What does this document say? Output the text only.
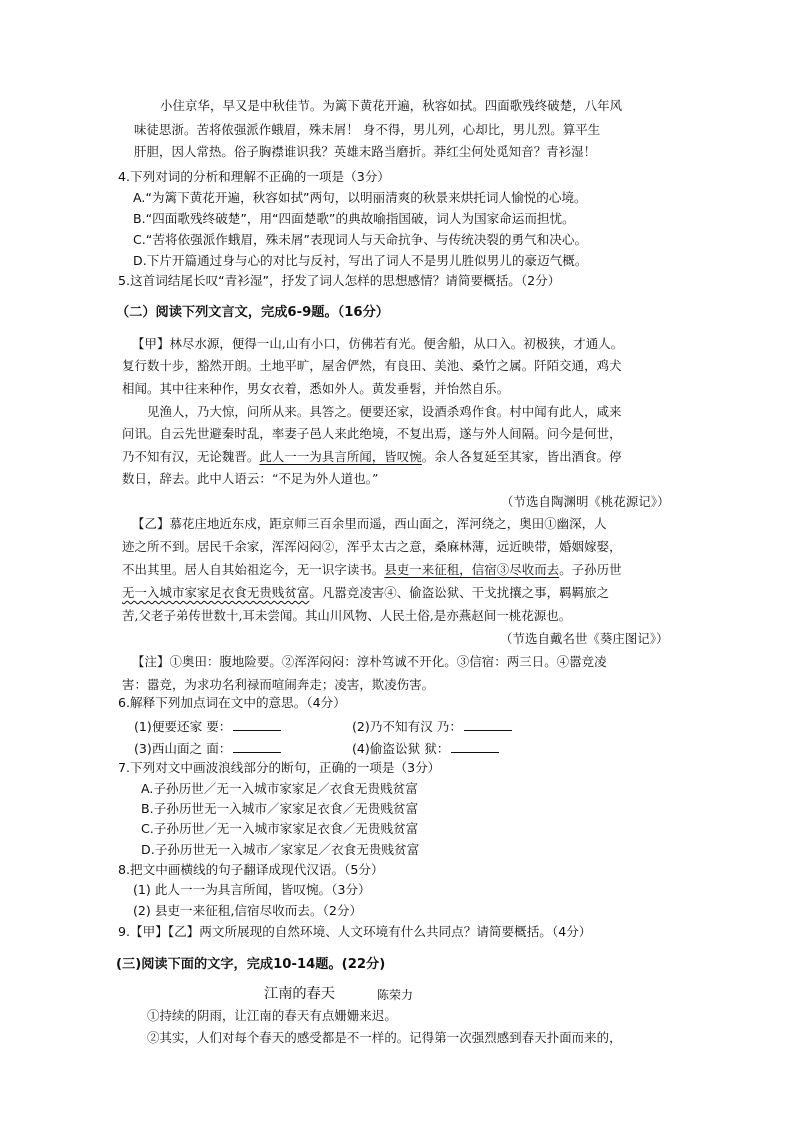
小住京华，早又是中秋佳节。为篱下黄花开遍，秋容如拭。四面歌残终破楚，八年风
味徒思浙。苦将侬强派作蛾眉，殊未屑！ 身不得，男儿列，心却比，男儿烈。算平生
肝胆，因人常热。俗子胸襟谁识我？英雄末路当磨折。莽红尘何处觅知音？青衫湿！
4.下列对词的分析和理解不正确的一项是（3分）
A.“为篱下黄花开遍，秋容如拭”两句，以明丽清爽的秋景来烘托词人愉悦的心境。
B.“四面歌残终破楚”，用“四面楚歌”的典故喻指国破，词人为国家命运而担忧。
C.“苦将依强派作蛾眉，殊未屑”表现词人与天命抗争、与传统决裂的勇气和决心。
D.下片开篇通过身与心的对比与反衬，写出了词人不是男儿胜似男儿的豪迈气概。
5.这首词结尾长叹“青衫湿”，抒发了词人怎样的思想感情？请简要概括。（2分）
（二）阅读下列文言文，完成6-9题。（16分）
【甲】林尽水源，便得一山,山有小口，仿佛若有光。便舍船，从口入。初极狭，才通人。
复行数十步，豁然开朗。土地平旷，屋舍俨然，有良田、美池、桑竹之属。阡陌交通，鸡犬
相闻。其中往来种作，男女衣着，悉如外人。黄发垂髫，并怡然自乐。
见渔人，乃大惊，问所从来。具答之。便要还家，设酒杀鸡作食。村中闻有此人，咸来
问讯。自云先世避秦时乱，率妻子邑人来此绝境，不复出焉，遂与外人间隔。问今是何世，
乃不知有汉，无论魏晋。此人一一为具言所闻，皆叹惋。余人各复延至其家，皆出酒食。停
数日，辞去。此中人语云：“不足为外人道也。”
（节选自陶渊明《桃花源记》）
【乙】慕花庄地近东戍，距京师三百余里而遥，西山面之，浑河绕之，奥田①幽深，人
迹之所不到。居民千余家，浑浑闷闷②，浑乎太古之意，桑麻林薄，远近映带，婚姻嫁娶，
不出其里。居人自其始祖迄今，无一识字读书。县吏一来征租，信宿③尽收而去。子孙历世
无一入城市家家足衣食无贵贱贫富。凡嚣竞凌害④、偷盗讼狱、干戈扰攘之事，羁羁旅之
苦,父老子弟传世数十,耳未尝闻。其山川风物、人民土俗,是亦燕赵间一桃花源也。
（节选自戴名世《葵庄图记》）
【注】①奥田：腹地险要。②浑浑闷闷：淳朴笃诚不开化。③信宿：两三日。④嚣竞凌
害：嚣竞，为求功名利禄而喧闹奔走；凌害，欺凌伤害。
6.解释下列加点词在文中的意思。（4分）
(1)便要还家 要：	(2)乃不知有汉 乃：
(3)西山面之 面：	(4)偷盗讼狱 狱：
7.下列对文中画波浪线部分的断句，正确的一项是（3分）
A.子孙历世／无一入城市家家足／衣食无贵贱贫富
B.子孙历世无一入城市／家家足衣食／无贵贱贫富
C.子孙历世／无一入城市家家足衣食／无贵贱贫富
D.子孙历世无一入城市／家家足／衣食无贵贱贫富
8.把文中画横线的句子翻译成现代汉语。（5分）
(1) 此人一一为具言所闻，皆叹惋。（3分）
(2) 县吏一来征租,信宿尽收而去。（2分）
9.【甲】【乙】两文所展现的自然环境、人文环境有什么共同点？请简要概括。（4分）
(三)阅读下面的文字，完成10-14题。(22分)
江南的春天	陈荣力
①持续的阴雨，让江南的春天有点姗姗来迟。
②其实，人们对每个春天的感受都是不一样的。记得第一次强烈感到春天扑面而来的，
